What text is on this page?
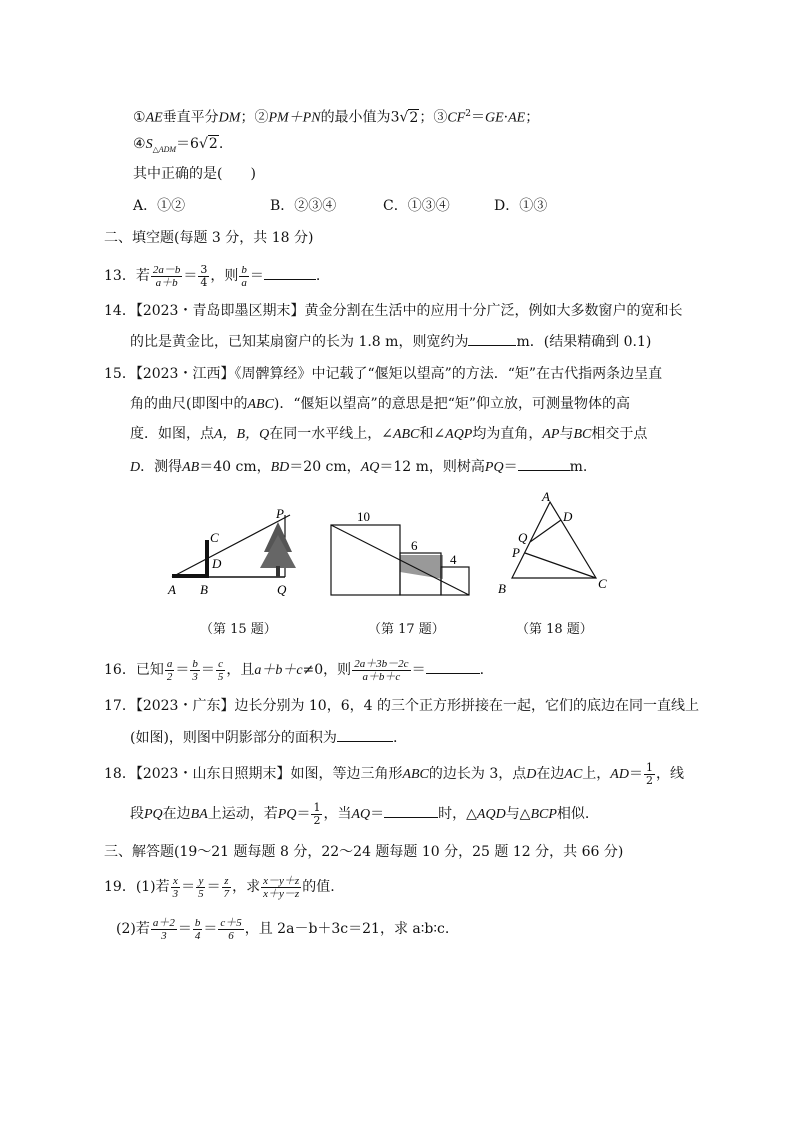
①AE垂直平分DM；②PM＋PN的最小值为3√2；$③CF^2=GE\cdot AE$；
$④S_{\triangle ADM}=6√2$.
其中正确的是(　　)
A．①②	B．②③④	C．①③④	D．①③
二、填空题(每题 3 分，共 18 分)
13．若 $\frac{2a-b}{a+b} = \frac{3}{4}$ ，则 $\frac{b}{a}$ ＝	.
14．【2023・青岛即墨区期末】黄金分割在生活中的应用十分广泛，例如大多数窗户的宽和长
的比是黄金比，已知某扇窗户的长为 1.8 m，则宽约为	m．(结果精确到 0.1)
15．【2023・江西】《周髀算经》中记载了“偃矩以望高”的方法．“矩”在古代指两条边呈直
角的曲尺(即图中的ABC)．“偃矩以望高”的意思是把“矩”仰立放，可测量物体的高
度．如图，点A，B，Q在同一水平线上，∠ABC和∠AQP均为直角，AP与BC相交于点
D．测得AB＝40 cm，BD＝20 cm，AQ＝12 m，则树高PQ＝	m.
P
C
D
A B	Q
（第 15 题）
10
6
4
（第 17 题）
A
D
Q
P
B	C
（第 18 题）
16．已知 $\frac{a}{2} = \frac{b}{3} = \frac{c}{5}$ ，且a＋b＋c≠0，则 $\frac{2a+3b-2c}{a+b+c}$ ＝	.
17．【2023・广东】边长分别为 10，6，4 的三个正方形拼接在一起，它们的底边在同一直线上
(如图)，则图中阴影部分的面积为	.
18．【2023・山东日照期末】如图，等边三角形ABC的边长为 3，点D在边AC上，$AD= \frac{1}{2}$ ，线
段PQ在边BA上运动，若$PQ= \frac{1}{2}$ ，当AQ＝	时，△AQD与△BCP相似.
三、解答题(19～21 题每题 8 分，22～24 题每题 10 分，25 题 12 分，共 66 分)
19．(1)若 $\frac{x}{3} = \frac{y}{5} = \frac{z}{7}$ ，求 $\frac{x-y+z}{x+y-z}$ 的值.
(2)若 $\frac{a+2}{3} = \frac{b}{4} = \frac{c+5}{6}$ ，且 2a－b＋3c＝21，求 a∶b∶c.
